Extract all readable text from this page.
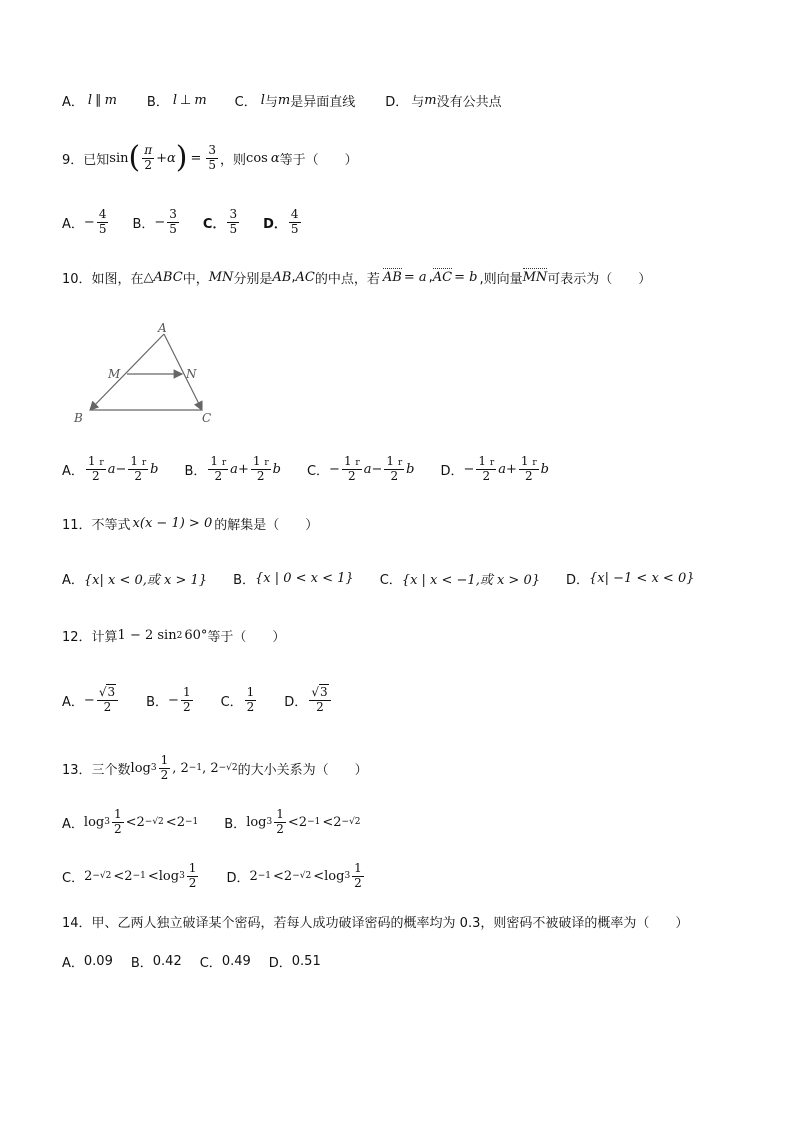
A． l ∥ m B． l ⊥ m C． l 与 m 是异面直线 D． 与 m 没有公共点
9．已知 sin ( $\frac{\pi}{2} +\alpha$ ) = $\frac{3}{5}$ ，则 cos α 等于（　　）
A． − $\frac{4}{5}$ B． − $\frac{3}{5}$ C． $\frac{3}{5}$ D． $\frac{4}{5}$
10．如图，在 △ ABC 中， MN 分别是 AB , AC 的中点，若 AB = a , AC = b ,则向量 MN 可表示为（　　）
A
M	N
B	C
A． $\frac{1 r}{2}$ $a - \frac{1 r}{2}$ b B． $\frac{1 r}{2}$ $a + \frac{1 r}{2}$ b C． − $\frac{1 r}{2}$ $a - \frac{1 r}{2}$ b D． − $\frac{1 r}{2}$ $a + \frac{1 r}{2}$ b
11．不等式 x(x − 1) > 0 的解集是（　　）
A． {x| x < 0,或 x > 1} B． {x | 0 < x < 1} C． {x | x < −1,或 x > 0} D． {x| −1 < x < 0}
12．计算 1 − 2 sin 2 60° 等于（　　）
A． − $\frac{√3}{2}$ B． − $\frac{1}{2}$ C． $\frac{1}{2}$ D． $\frac{√3}{2}$
13．三个数 $\log 3 \frac{1}{2}$ , 2 −1 , 2 −√2 的大小关系为（　　）
A． $\log 3 \frac{1}{2} < 2 -√2 < 2 -1$ B． $\log 3 \frac{1}{2} < 2 -1 < 2 -√2$
C． $2 -√2 < 2 -1 < \log 3 \frac{1}{2}$ D． $2 -1 < 2 -√2 < \log 3 \frac{1}{2}$
14．甲、乙两人独立破译某个密码，若每人成功破译密码的概率均为 0.3，则密码不被破译的概率为（　　）
A． 0.09 B． 0.42 C． 0.49 D． 0.51
